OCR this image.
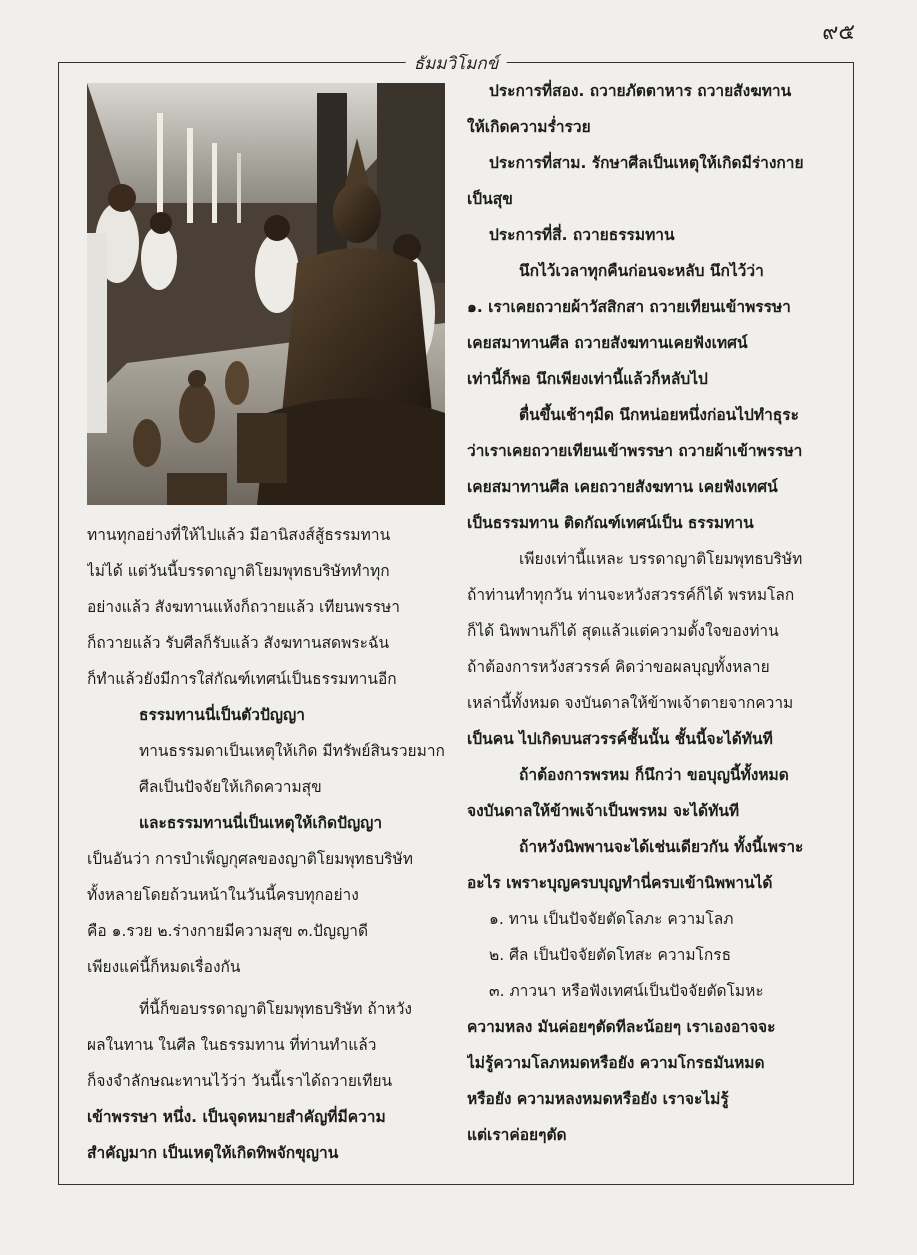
๙๕
ธัมมวิโมกข์
ทานทุกอย่างที่ให้ไปแล้ว มีอานิสงส์สู้ธรรมทาน
ไม่ได้ แต่วันนี้บรรดาญาติโยมพุทธบริษัททำทุก
อย่างแล้ว สังฆทานแห้งก็ถวายแล้ว เทียนพรรษา
ก็ถวายแล้ว รับศีลก็รับแล้ว สังฆทานสดพระฉัน
ก็ทำแล้วยังมีการใส่กัณฑ์เทศน์เป็นธรรมทานอีก
ธรรมทานนี่เป็นตัวปัญญา
ทานธรรมดาเป็นเหตุให้เกิด มีทรัพย์สินรวยมาก
ศีลเป็นปัจจัยให้เกิดความสุข
และธรรมทานนี่เป็นเหตุให้เกิดปัญญา
เป็นอันว่า การบำเพ็ญกุศลของญาติโยมพุทธบริษัท
ทั้งหลายโดยถ้วนหน้าในวันนี้ครบทุกอย่าง
คือ ๑.รวย ๒.ร่างกายมีความสุข ๓.ปัญญาดี
เพียงแค่นี้ก็หมดเรื่องกัน
ที่นี้ก็ขอบรรดาญาติโยมพุทธบริษัท ถ้าหวัง
ผลในทาน ในศีล ในธรรมทาน ที่ท่านทำแล้ว
ก็จงจำลักษณะทานไว้ว่า วันนี้เราได้ถวายเทียน
เข้าพรรษา หนึ่ง. เป็นจุดหมายสำคัญที่มีความ
สำคัญมาก เป็นเหตุให้เกิดทิพจักขุญาน
ประการที่สอง. ถวายภัตตาหาร ถวายสังฆทาน
ให้เกิดความร่ำรวย
ประการที่สาม. รักษาศีลเป็นเหตุให้เกิดมีร่างกาย
เป็นสุข
ประการที่สี่. ถวายธรรมทาน
นึกไว้เวลาทุกคืนก่อนจะหลับ นึกไว้ว่า
๑. เราเคยถวายผ้าวัสสิกสา ถวายเทียนเข้าพรรษา
เคยสมาทานศีล ถวายสังฆทานเคยฟังเทศน์
เท่านี้ก็พอ นึกเพียงเท่านี้แล้วก็หลับไป
ตื่นขึ้นเช้าๆมืด นึกหน่อยหนึ่งก่อนไปทำธุระ
ว่าเราเคยถวายเทียนเข้าพรรษา ถวายผ้าเข้าพรรษา
เคยสมาทานศีล เคยถวายสังฆทาน เคยฟังเทศน์
เป็นธรรมทาน ติดกัณฑ์เทศน์เป็น ธรรมทาน
เพียงเท่านี้แหละ บรรดาญาติโยมพุทธบริษัท
ถ้าท่านทำทุกวัน ท่านจะหวังสวรรค์ก็ได้ พรหมโลก
ก็ได้ นิพพานก็ได้ สุดแล้วแต่ความตั้งใจของท่าน
ถ้าต้องการหวังสวรรค์ คิดว่าขอผลบุญทั้งหลาย
เหล่านี้ทั้งหมด จงบันดาลให้ข้าพเจ้าตายจากความ
เป็นคน ไปเกิดบนสวรรค์ชั้นนั้น ชั้นนี้จะได้ทันที
ถ้าต้องการพรหม ก็นึกว่า ขอบุญนี้ทั้งหมด
จงบันดาลให้ข้าพเจ้าเป็นพรหม จะได้ทันที
ถ้าหวังนิพพานจะได้เช่นเดียวกัน ทั้งนี้เพราะ
อะไร เพราะบุญครบบุญทำนี่ครบเข้านิพพานได้
๑. ทาน เป็นปัจจัยตัดโลภะ ความโลภ
๒. ศีล เป็นปัจจัยตัดโทสะ ความโกรธ
๓. ภาวนา หรือฟังเทศน์เป็นปัจจัยตัดโมหะ
ความหลง มันค่อยๆตัดทีละน้อยๆ เราเองอาจจะ
ไม่รู้ความโลภหมดหรือยัง ความโกรธมันหมด
หรือยัง ความหลงหมดหรือยัง เราจะไม่รู้
แต่เราค่อยๆตัด
